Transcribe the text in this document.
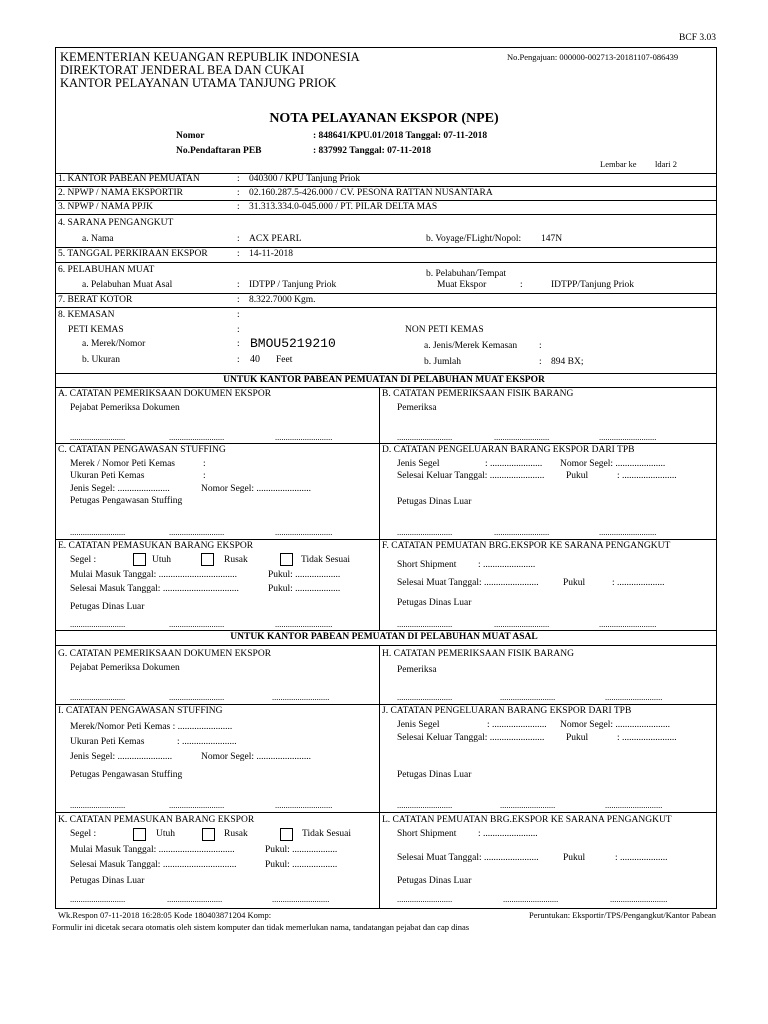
BCF 3.03
KEMENTERIAN KEUANGAN REPUBLIK INDONESIA
DIREKTORAT JENDERAL BEA DAN CUKAI
KANTOR PELAYANAN UTAMA TANJUNG PRIOK
No.Pengajuan: 000000-002713-20181107-086439
NOTA PELAYANAN EKSPOR (NPE)
Nomor	: 848641/KPU.01/2018 Tanggal: 07-11-2018
No.Pendaftaran PEB	: 837992 Tanggal: 07-11-2018
Lembar ke ldari 2
1. KANTOR PABEAN PEMUATAN	: 040300 / KPU Tanjung Priok
2. NPWP / NAMA EKSPORTIR	: 02.160.287.5-426.000 / CV. PESONA RATTAN NUSANTARA
3. NPWP / NAMA PPJK	: 31.313.334.0-045.000 / PT. PILAR DELTA MAS
4. SARANA PENGANGKUT
a. Nama	: ACX PEARL	b. Voyage/FLight/Nopol: 147N
5. TANGGAL PERKIRAAN EKSPOR	: 14-11-2018
6. PELABUHAN MUAT
a. Pelabuhan Muat Asal	: IDTPP / Tanjung Priok
b. Pelabuhan/Tempat
Muat Ekspor	:	IDTPP/Tanjung Priok
7. BERAT KOTOR	: 8.322.7000 Kgm.
8. KEMASAN	:
PETI KEMAS	:
a. Merek/Nomor	: BMOU5219210
b. Ukuran	: 40 Feet
NON PETI KEMAS
a. Jenis/Merek Kemasan :
b. Jumlah	: 894 BX;
UNTUK KANTOR PABEAN PEMUATAN DI PELABUHAN MUAT EKSPOR
A. CATATAN PEMERIKSAAN DOKUMEN EKSPOR
Pejabat Pemeriksa Dokumen
..........................	..........................	...........................
B. CATATAN PEMERIKSAAN FISIK BARANG
Pemeriksa
..........................	..........................	...........................
C. CATATAN PENGAWASAN STUFFING
Merek / Nomor Peti Kemas	:
Ukuran Peti Kemas	:
Jenis Segel: ......................	Nomor Segel: .......................
Petugas Pengawasan Stuffing
..........................	..........................	...........................
D. CATATAN PENGELUARAN BARANG EKSPOR DARI TPB
Jenis Segel	: ...................... Nomor Segel: .....................
Selesai Keluar Tanggal: ....................... Pukul	: .......................
Petugas Dinas Luar
..........................	..........................	...........................
E. CATATAN PEMASUKAN BARANG EKSPOR
Segel :	Utuh	Rusak	Tidak Sesuai
Mulai Masuk Tanggal: .................................	Pukul: ...................
Selesai Masuk Tanggal: ................................	Pukul: ...................
Petugas Dinas Luar
..........................	..........................	...........................
F. CATATAN PEMUATAN BRG.EKSPOR KE SARANA PENGANGKUT
Short Shipment : ......................
Selesai Muat Tanggal: .......................	Pukul	: ....................
Petugas Dinas Luar
..........................	..........................	...........................
UNTUK KANTOR PABEAN PEMUATAN DI PELABUHAN MUAT ASAL
G. CATATAN PEMERIKSAAN DOKUMEN EKSPOR
Pejabat Pemeriksa Dokumen
..........................	..........................	...........................
H. CATATAN PEMERIKSAAN FISIK BARANG
Pemeriksa
..........................	..........................	...........................
I. CATATAN PENGAWASAN STUFFING
Merek/Nomor Peti Kemas : .......................
Ukuran Peti Kemas	: .......................
Jenis Segel: .......................	Nomor Segel: .......................
Petugas Pengawasan Stuffing
..........................	..........................	...........................
J. CATATAN PENGELUARAN BARANG EKSPOR DARI TPB
Jenis Segel	: ....................... Nomor Segel: .......................
Selesai Keluar Tanggal: ....................... Pukul	: .......................
Petugas Dinas Luar
..........................	..........................	...........................
K. CATATAN PEMASUKAN BARANG EKSPOR
Segel :	Utuh	Rusak	Tidak Sesuai
Mulai Masuk Tanggal: ................................	Pukul: ...................
Selesai Masuk Tanggal: ...............................	Pukul: ...................
Petugas Dinas Luar
..........................	..........................	...........................
L. CATATAN PEMUATAN BRG.EKSPOR KE SARANA PENGANGKUT
Short Shipment : .......................
Selesai Muat Tanggal: .......................	Pukul	: ....................
Petugas Dinas Luar
..........................	..........................	...........................
Wk.Respon 07-11-2018 16:28:05 Kode 180403871204 Komp:	Peruntukan: Eksportir/TPS/Pengangkut/Kantor Pabean
Formulir ini dicetak secara otomatis oleh sistem komputer dan tidak memerlukan nama, tandatangan pejabat dan cap dinas
